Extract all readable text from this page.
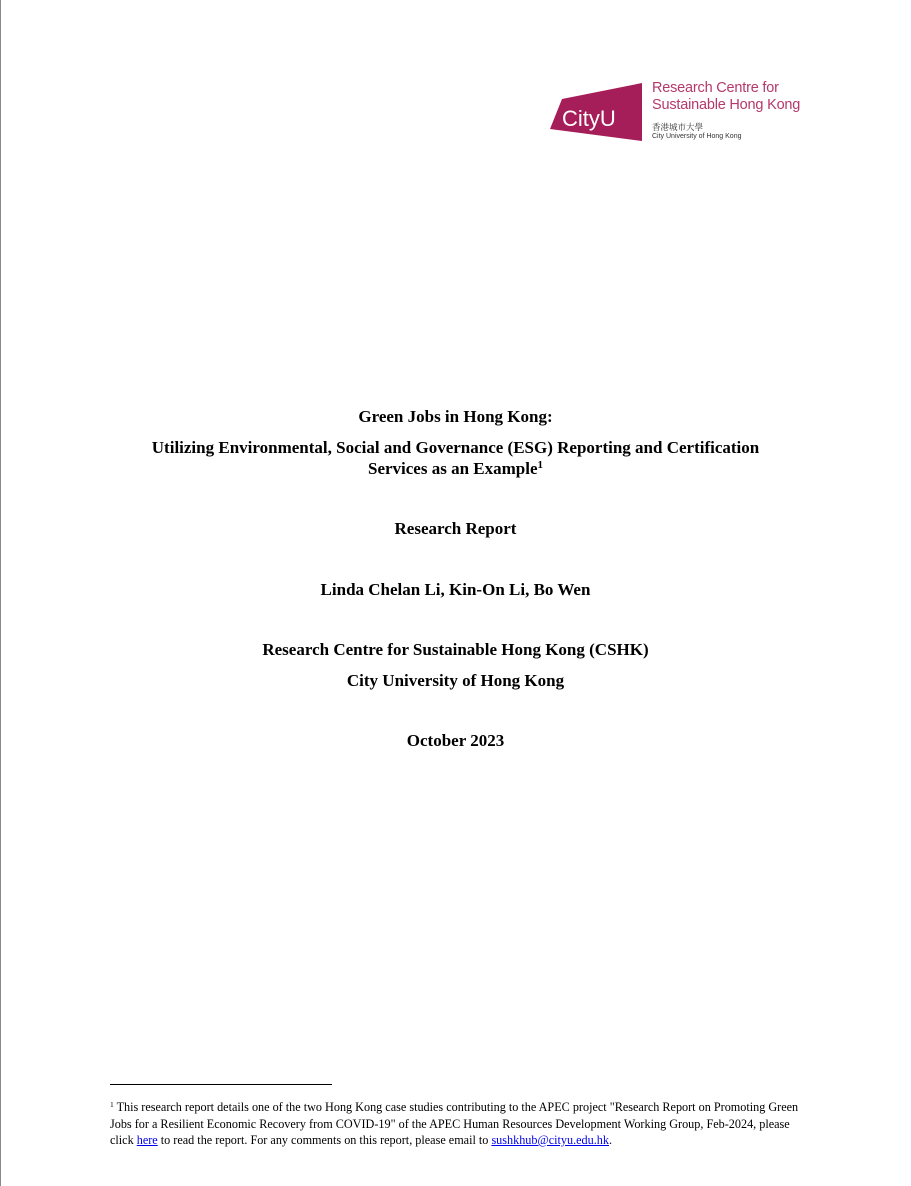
CityU
Research Centre for
Sustainable Hong Kong
香港城市大學
City University of Hong Kong
Green Jobs in Hong Kong:
Utilizing Environmental, Social and Governance (ESG) Reporting and Certification
Services as an Example$^1$
Research Report
Linda Chelan Li, Kin-On Li, Bo Wen
Research Centre for Sustainable Hong Kong (CSHK)
City University of Hong Kong
October 2023
$^1$ This research report details one of the two Hong Kong case studies contributing to the APEC project "Research Report on Promoting Green Jobs for a Resilient Economic Recovery from COVID-19" of the APEC Human Resources Development Working Group, Feb-2024, please click here to read the report. For any comments on this report, please email to sushkhub@cityu.edu.hk.
